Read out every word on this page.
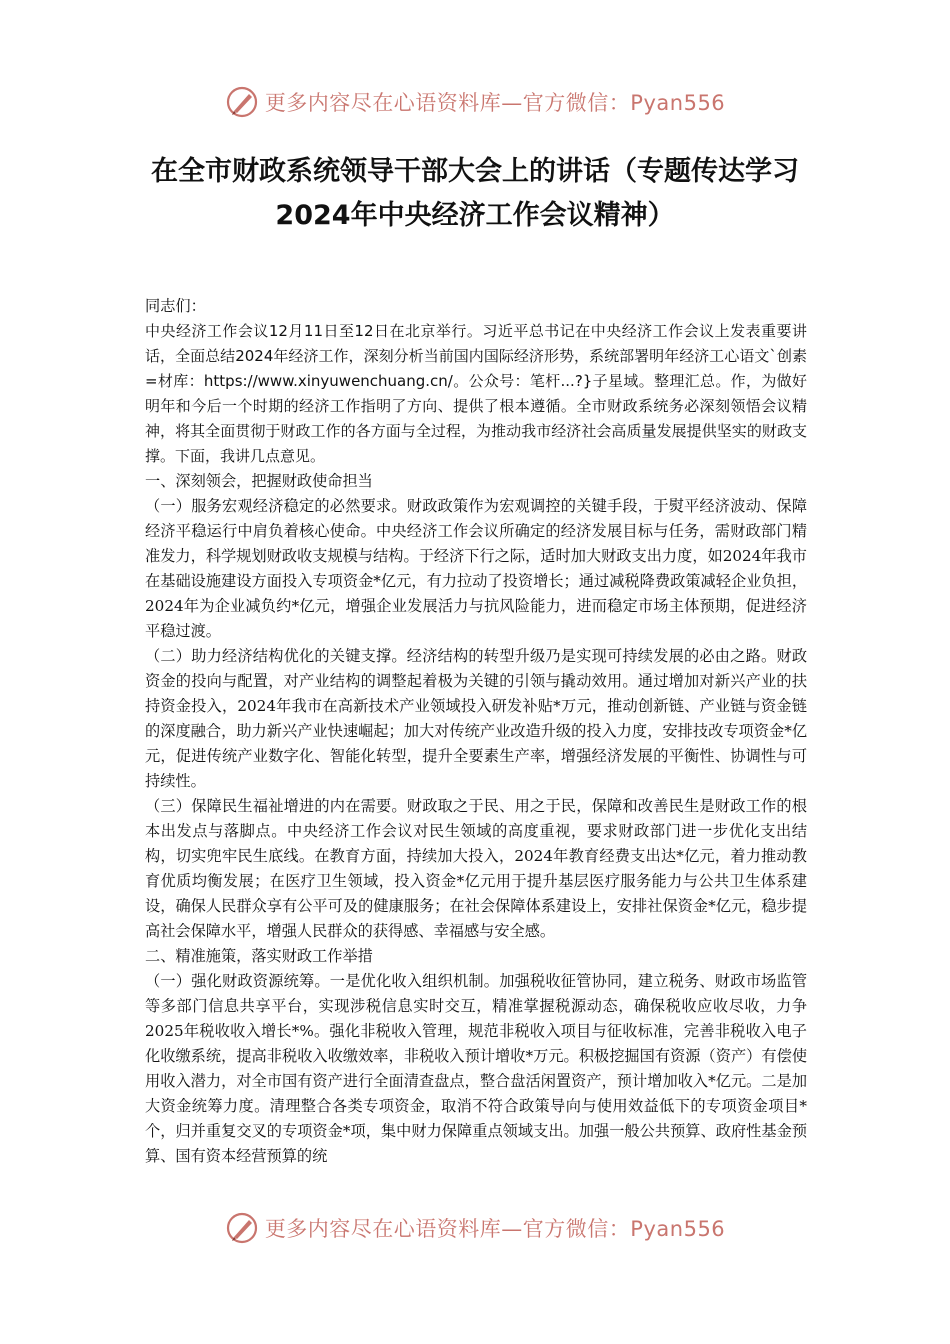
更多内容尽在心语资料库—官方微信：Pyan556
在全市财政系统领导干部大会上的讲话（专题传达学习2024年中央经济工作会议精神）

同志们：

中央经济工作会议12月11日至12日在北京举行。习近平总书记在中央经济工作会议上发表重要讲话，全面总结2024年经济工作，深刻分析当前国内国际经济形势，系统部署明年经济工心语文`创素=材库：https://www.xinyuwenchuang.cn/。公众号：笔杆...?}子星域。整理汇总。作，为做好明年和今后一个时期的经济工作指明了方向、提供了根本遵循。全市财政系统务必深刻领悟会议精神，将其全面贯彻于财政工作的各方面与全过程，为推动我市经济社会高质量发展提供坚实的财政支撑。下面，我讲几点意见。

一、深刻领会，把握财政使命担当

（一）服务宏观经济稳定的必然要求。财政政策作为宏观调控的关键手段，于熨平经济波动、保障经济平稳运行中肩负着核心使命。中央经济工作会议所确定的经济发展目标与任务，需财政部门精准发力，科学规划财政收支规模与结构。于经济下行之际，适时加大财政支出力度，如2024年我市在基础设施建设方面投入专项资金*亿元，有力拉动了投资增长；通过减税降费政策减轻企业负担，2024年为企业减负约*亿元，增强企业发展活力与抗风险能力，进而稳定市场主体预期，促进经济平稳过渡。

（二）助力经济结构优化的关键支撑。经济结构的转型升级乃是实现可持续发展的必由之路。财政资金的投向与配置，对产业结构的调整起着极为关键的引领与撬动效用。通过增加对新兴产业的扶持资金投入，2024年我市在高新技术产业领域投入研发补贴*万元，推动创新链、产业链与资金链的深度融合，助力新兴产业快速崛起；加大对传统产业改造升级的投入力度，安排技改专项资金*亿元，促进传统产业数字化、智能化转型，提升全要素生产率，增强经济发展的平衡性、协调性与可持续性。

（三）保障民生福祉增进的内在需要。财政取之于民、用之于民，保障和改善民生是财政工作的根本出发点与落脚点。中央经济工作会议对民生领域的高度重视，要求财政部门进一步优化支出结构，切实兜牢民生底线。在教育方面，持续加大投入，2024年教育经费支出达*亿元，着力推动教育优质均衡发展；在医疗卫生领域，投入资金*亿元用于提升基层医疗服务能力与公共卫生体系建设，确保人民群众享有公平可及的健康服务；在社会保障体系建设上，安排社保资金*亿元，稳步提高社会保障水平，增强人民群众的获得感、幸福感与安全感。

二、精准施策，落实财政工作举措

（一）强化财政资源统筹。一是优化收入组织机制。加强税收征管协同，建立税务、财政市场监管等多部门信息共享平台，实现涉税信息实时交互，精准掌握税源动态，确保税收应收尽收，力争2025年税收收入增长*%。强化非税收入管理，规范非税收入项目与征收标准，完善非税收入电子化收缴系统，提高非税收入收缴效率，非税收入预计增收*万元。积极挖掘国有资源（资产）有偿使用收入潜力，对全市国有资产进行全面清查盘点，整合盘活闲置资产，预计增加收入*亿元。二是加大资金统筹力度。清理整合各类专项资金，取消不符合政策导向与使用效益低下的专项资金项目*个，归并重复交叉的专项资金*项，集中财力保障重点领域支出。加强一般公共预算、政府性基金预算、国有资本经营预算的统

更多内容尽在心语资料库—官方微信：Pyan556
